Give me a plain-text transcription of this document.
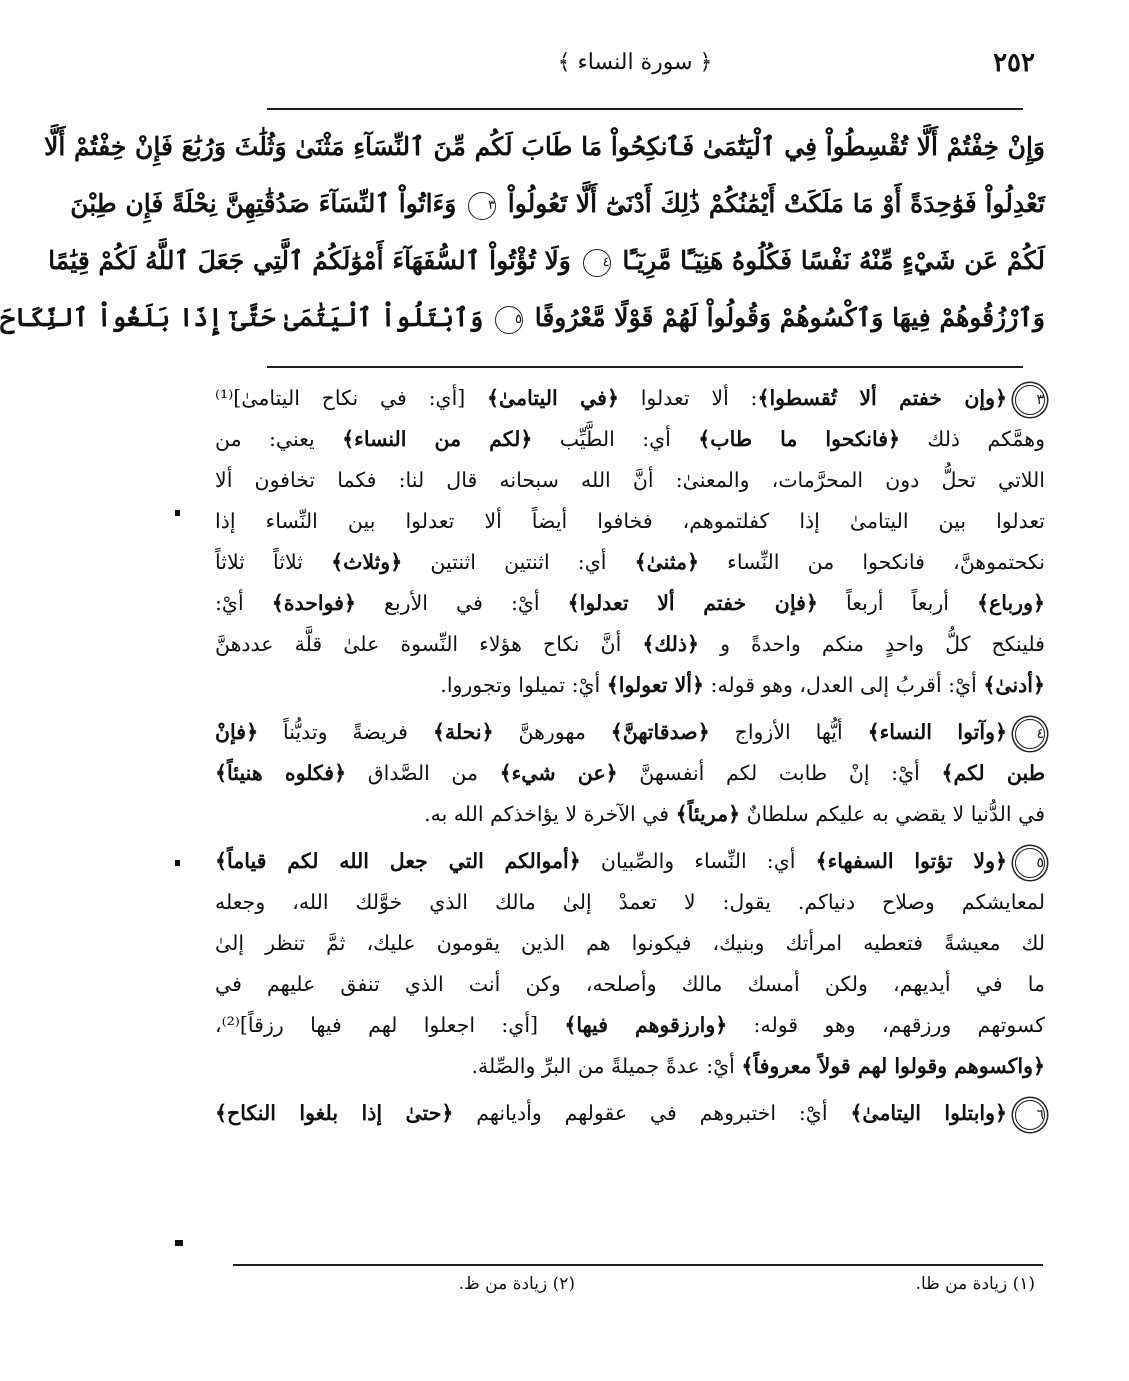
٢٥٢
﴿ سورة النساء ﴾
وَإِنْ خِفْتُمْ أَلَّا تُقْسِطُواْ فِي ٱلْيَتَٰمَىٰ فَٱنكِحُواْ مَا طَابَ لَكُم مِّنَ ٱلنِّسَآءِ مَثْنَىٰ وَثُلَٰثَ وَرُبَٰعَ فَإِنْ خِفْتُمْ أَلَّا
تَعْدِلُواْ فَوَٰحِدَةً أَوْ مَا مَلَكَتْ أَيْمَٰنُكُمْ ذَٰلِكَ أَدْنَىٰٓ أَلَّا تَعُولُواْ ٣ وَءَاتُواْ ٱلنِّسَآءَ صَدُقَٰتِهِنَّ نِحْلَةً فَإِن طِبْنَ
لَكُمْ عَن شَيْءٍ مِّنْهُ نَفْسًا فَكُلُوهُ هَنِيٓـًٔا مَّرِيٓـًٔا ٤ وَلَا تُؤْتُواْ ٱلسُّفَهَآءَ أَمْوَٰلَكُمُ ٱلَّتِي جَعَلَ ٱللَّهُ لَكُمْ قِيَٰمًا
وَٱرْزُقُوهُمْ فِيهَا وَٱكْسُوهُمْ وَقُولُواْ لَهُمْ قَوْلًا مَّعْرُوفًا ٥ وَٱبْتَلُواْ ٱلْيَتَٰمَىٰ حَتَّىٰٓ إِذَا بَلَغُواْ ٱلنِّكَاحَ
٣﴿وإن خفتم ألا تُقسطوا﴾: ألا تعدلوا ﴿في اليتامىٰ﴾ [أي: في نكاح اليتامىٰ]⁽¹⁾
وهمَّكم ذلك ﴿فانكحوا ما طاب﴾ أي: الطَّيِّب ﴿لكم من النساء﴾ يعني: من
اللاتي تحلُّ دون المحرَّمات، والمعنىٰ: أنَّ الله سبحانه قال لنا: فكما تخافون ألا
تعدلوا بين اليتامىٰ إذا كفلتموهم، فخافوا أيضاً ألا تعدلوا بين النِّساء إذا
نكحتموهنَّ، فانكحوا من النِّساء ﴿مثنىٰ﴾ أي: اثنتين اثنتين ﴿وثلاث﴾ ثلاثاً ثلاثاً
﴿ورباع﴾ أربعاً أربعاً ﴿فإن خفتم ألا تعدلوا﴾ أيْ: في الأربع ﴿فواحدة﴾ أيْ:
فلينكح كلُّ واحدٍ منكم واحدةً و ﴿ذلك﴾ أنَّ نكاح هؤلاء النِّسوة علىٰ قلَّة عددهنَّ
﴿أدنىٰ﴾ أيْ: أقربُ إلى العدل، وهو قوله: ﴿ألا تعولوا﴾ أيْ: تميلوا وتجوروا.
٤﴿وآتوا النساء﴾ أيُّها الأزواج ﴿صدقاتهنَّ﴾ مهورهنَّ ﴿نحلة﴾ فريضةً وتديُّناً ﴿فإنْ
طبن لكم﴾ أيْ: إنْ طابت لكم أنفسهنَّ ﴿عن شيء﴾ من الصَّداق ﴿فكلوه هنيئاً﴾
في الدُّنيا لا يقضي به عليكم سلطانٌ ﴿مريئاً﴾ في الآخرة لا يؤاخذكم الله به.
٥﴿ولا تؤتوا السفهاء﴾ أي: النِّساء والصِّبيان ﴿أموالكم التي جعل الله لكم قياماً﴾
لمعايشكم وصلاح دنياكم. يقول: لا تعمدْ إلىٰ مالك الذي خوَّلك الله، وجعله
لك معيشةً فتعطيه امرأتك وبنيك، فيكونوا هم الذين يقومون عليك، ثمَّ تنظر إلىٰ
ما في أيديهم، ولكن أمسك مالك وأصلحه، وكن أنت الذي تنفق عليهم في
كسوتهم ورزقهم، وهو قوله: ﴿وارزقوهم فيها﴾ [أي: اجعلوا لهم فيها رزقاً]⁽²⁾،
﴿واكسوهم وقولوا لهم قولاً معروفاً﴾ أيْ: عدةً جميلةً من البرِّ والصِّلة.
٦﴿وابتلوا اليتامىٰ﴾ أيْ: اختبروهم في عقولهم وأديانهم ﴿حتىٰ إذا بلغوا النكاح﴾
(١) زيادة من ظا.
(٢) زيادة من ظ.
